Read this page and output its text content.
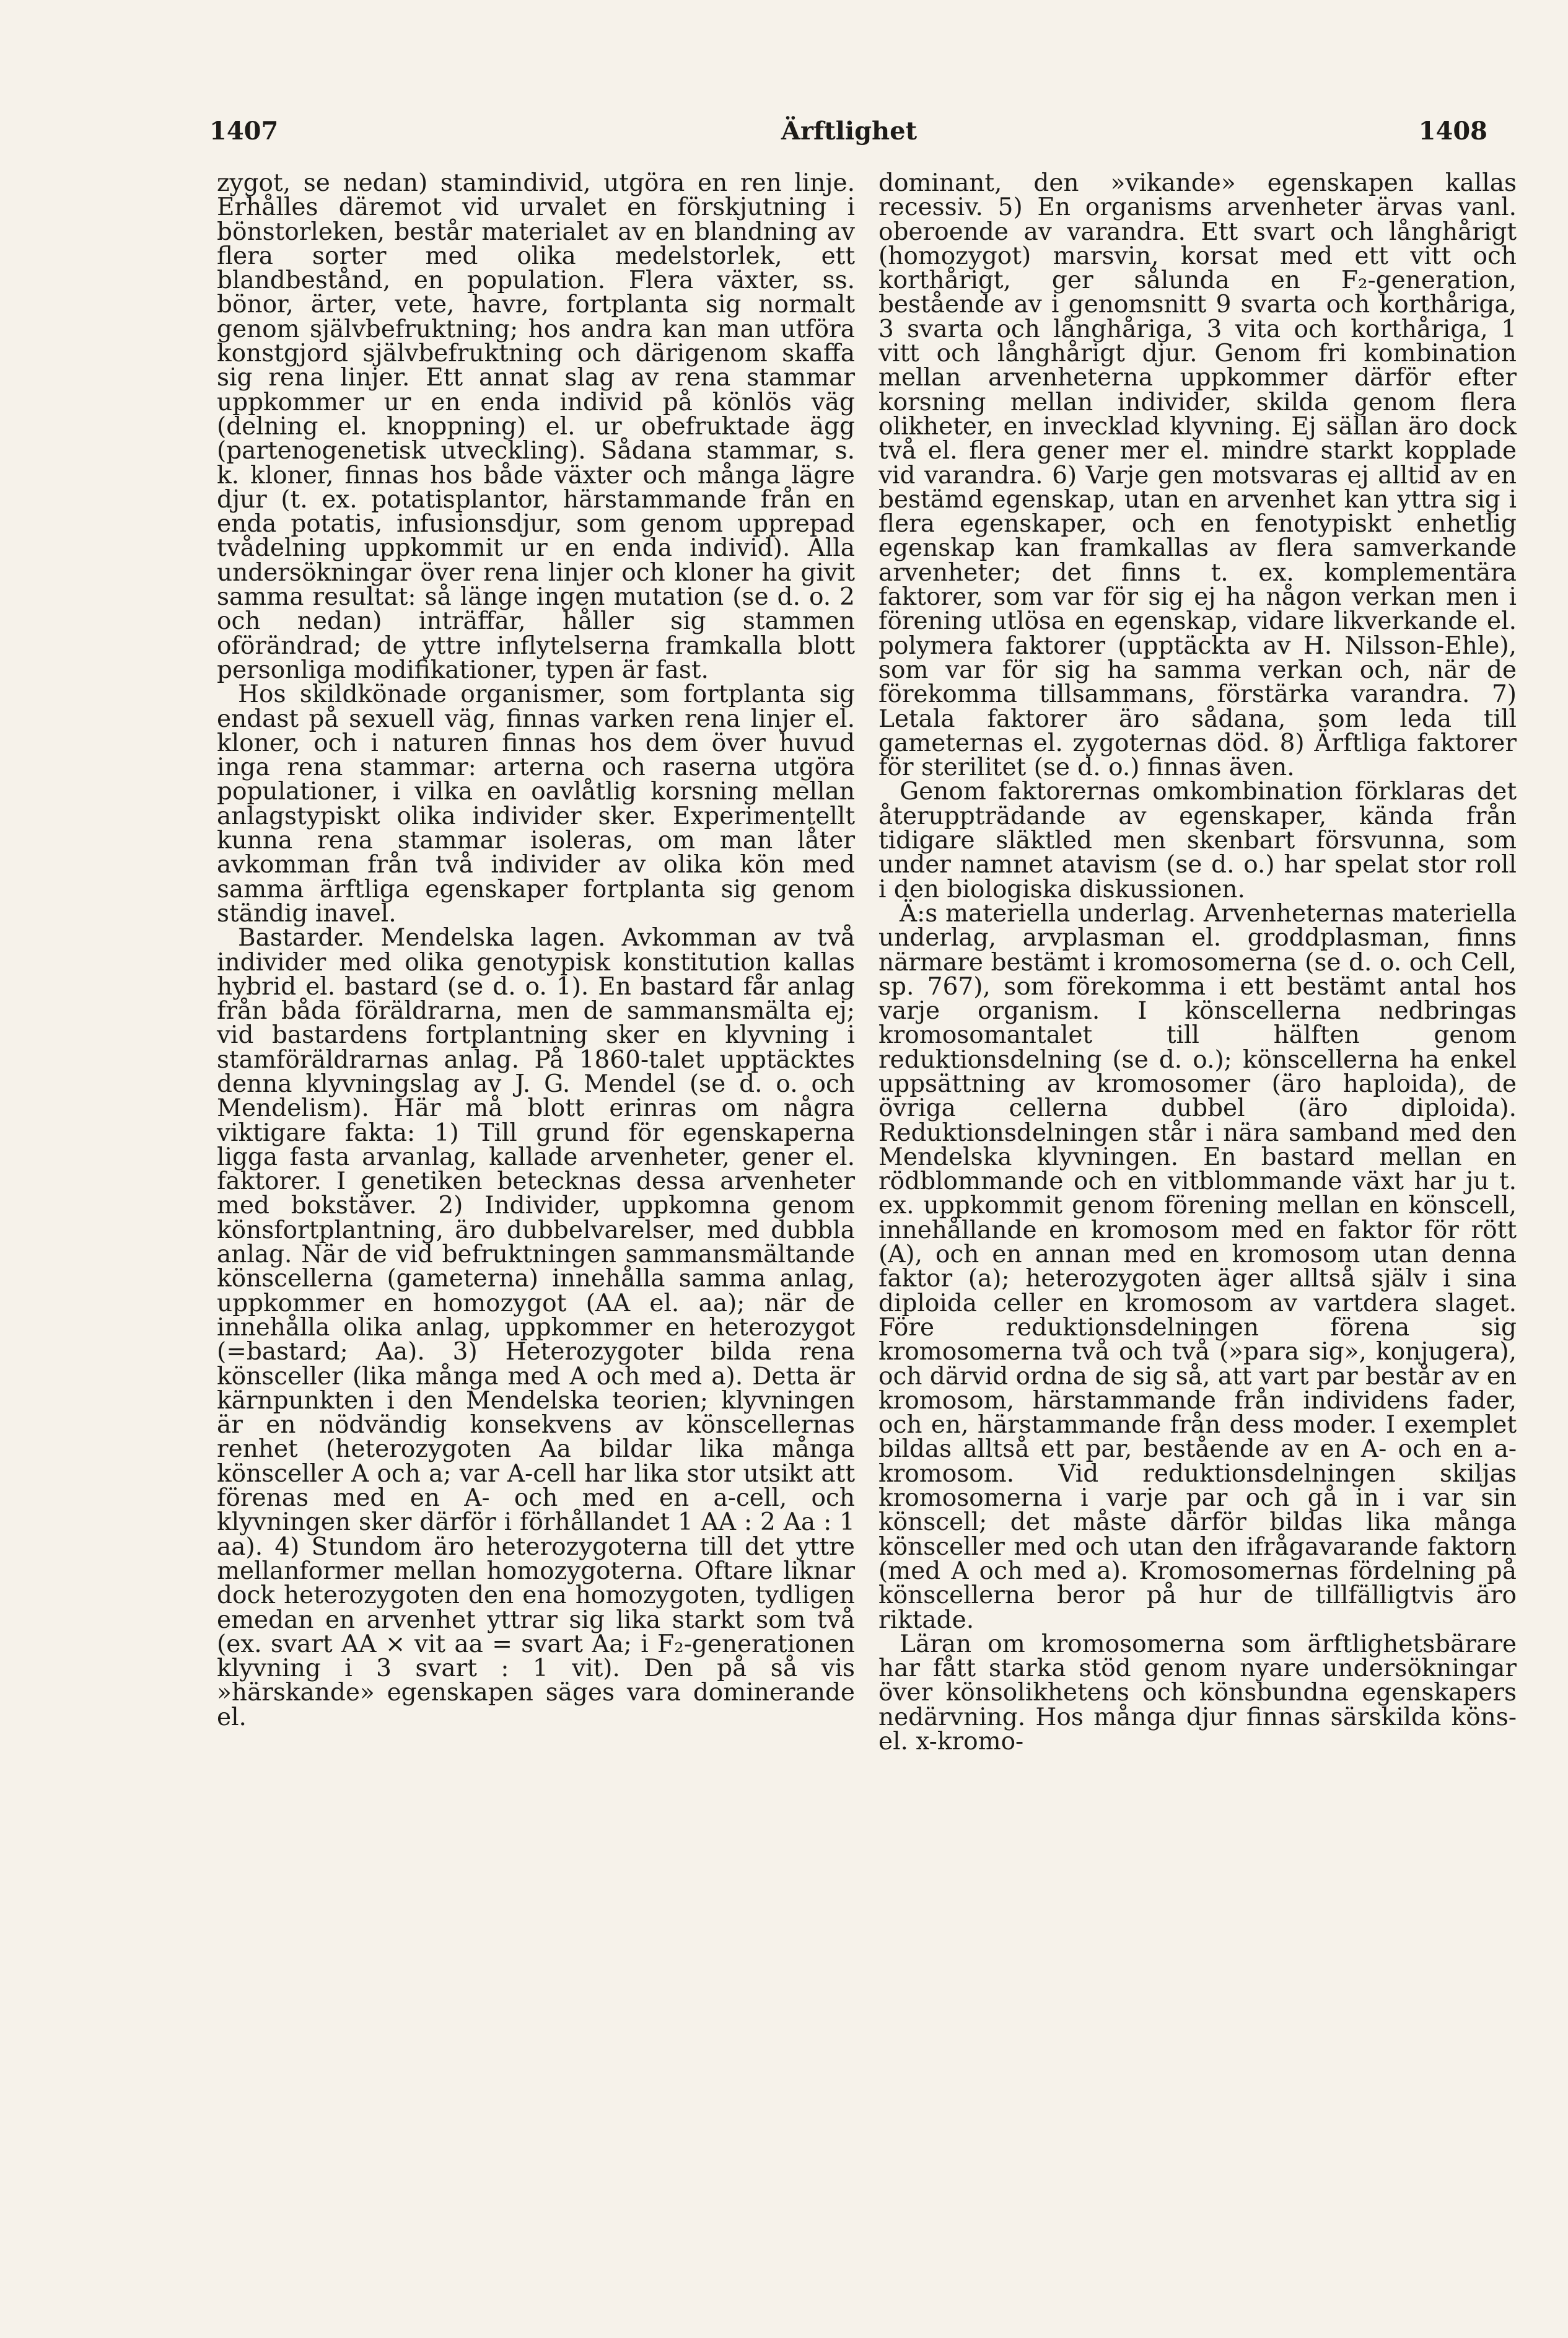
1407	Ärftlighet	1408

zygot, se nedan) stamindivid, utgöra en ren linje. Erhålles däremot vid urvalet en förskjutning i bönstorleken, består materialet av en blandning av flera sorter med olika medelstorlek, ett blandbestånd, en population. Flera växter, ss. bönor, ärter, vete, havre, fortplanta sig normalt genom självbefruktning; hos andra kan man utföra konstgjord självbefruktning och därigenom skaffa sig rena linjer. Ett annat slag av rena stammar uppkommer ur en enda individ på könlös väg (delning el. knoppning) el. ur obefruktade ägg (partenogenetisk utveckling). Sådana stammar, s. k. kloner, finnas hos både växter och många lägre djur (t. ex. potatisplantor, härstammande från en enda potatis, infusionsdjur, som genom upprepad tvådelning uppkommit ur en enda individ). Alla undersökningar över rena linjer och kloner ha givit samma resultat: så länge ingen mutation (se d. o. 2 och nedan) inträffar, håller sig stammen oförändrad; de yttre inflytelserna framkalla blott personliga modifikationer, typen är fast.

Hos skildkönade organismer, som fortplanta sig endast på sexuell väg, finnas varken rena linjer el. kloner, och i naturen finnas hos dem över huvud inga rena stammar: arterna och raserna utgöra populationer, i vilka en oavlåtlig korsning mellan anlagstypiskt olika individer sker. Experimentellt kunna rena stammar isoleras, om man låter avkomman från två individer av olika kön med samma ärftliga egenskaper fortplanta sig genom ständig inavel.

Bastarder. Mendelska lagen. Avkomman av två individer med olika genotypisk konstitution kallas hybrid el. bastard (se d. o. 1). En bastard får anlag från båda föräldrarna, men de sammansmälta ej; vid bastardens fortplantning sker en klyvning i stamföräldrarnas anlag. På 1860-talet upptäcktes denna klyvningslag av J. G. Mendel (se d. o. och Mendelism). Här må blott erinras om några viktigare fakta: 1) Till grund för egenskaperna ligga fasta arvanlag, kallade arvenheter, gener el. faktorer. I genetiken betecknas dessa arvenheter med bokstäver. 2) Individer, uppkomna genom könsfortplantning, äro dubbelvarelser, med dubbla anlag. När de vid befruktningen sammansmältande könscellerna (gameterna) innehålla samma anlag, uppkommer en homozygot (AA el. aa); när de innehålla olika anlag, uppkommer en heterozygot (=bastard; Aa). 3) Heterozygoter bilda rena könsceller (lika många med A och med a). Detta är kärnpunkten i den Mendelska teorien; klyvningen är en nödvändig konsekvens av könscellernas renhet (heterozygoten Aa bildar lika många könsceller A och a; var A-cell har lika stor utsikt att förenas med en A- och med en a-cell, och klyvningen sker därför i förhållandet 1 AA : 2 Aa : 1 aa). 4) Stundom äro heterozygoterna till det yttre mellanformer mellan homozygoterna. Oftare liknar dock heterozygoten den ena homozygoten, tydligen emedan en arvenhet yttrar sig lika starkt som två (ex. svart AA × vit aa = svart Aa; i F₂-generationen klyvning i 3 svart : 1 vit). Den på så vis »härskande» egenskapen säges vara dominerande el.

dominant, den »vikande» egenskapen kallas recessiv. 5) En organisms arvenheter ärvas vanl. oberoende av varandra. Ett svart och långhårigt (homozygot) marsvin, korsat med ett vitt och korthårigt, ger sålunda en F₂-generation, bestående av i genomsnitt 9 svarta och korthåriga, 3 svarta och långhåriga, 3 vita och korthåriga, 1 vitt och långhårigt djur. Genom fri kombination mellan arvenheterna uppkommer därför efter korsning mellan individer, skilda genom flera olikheter, en invecklad klyvning. Ej sällan äro dock två el. flera gener mer el. mindre starkt kopplade vid varandra. 6) Varje gen motsvaras ej alltid av en bestämd egenskap, utan en arvenhet kan yttra sig i flera egenskaper, och en fenotypiskt enhetlig egenskap kan framkallas av flera samverkande arvenheter; det finns t. ex. komplementära faktorer, som var för sig ej ha någon verkan men i förening utlösa en egenskap, vidare likverkande el. polymera faktorer (upptäckta av H. Nilsson-Ehle), som var för sig ha samma verkan och, när de förekomma tillsammans, förstärka varandra. 7) Letala faktorer äro sådana, som leda till gameternas el. zygoternas död. 8) Ärftliga faktorer för sterilitet (se d. o.) finnas även.

Genom faktorernas omkombination förklaras det återuppträdande av egenskaper, kända från tidigare släktled men skenbart försvunna, som under namnet atavism (se d. o.) har spelat stor roll i den biologiska diskussionen.

Ä:s materiella underlag. Arvenheternas materiella underlag, arvplasman el. groddplasman, finns närmare bestämt i kromosomerna (se d. o. och Cell, sp. 767), som förekomma i ett bestämt antal hos varje organism. I könscellerna nedbringas kromosomantalet till hälften genom reduktionsdelning (se d. o.); könscellerna ha enkel uppsättning av kromosomer (äro haploida), de övriga cellerna dubbel (äro diploida). Reduktionsdelningen står i nära samband med den Mendelska klyvningen. En bastard mellan en rödblommande och en vitblommande växt har ju t. ex. uppkommit genom förening mellan en könscell, innehållande en kromosom med en faktor för rött (A), och en annan med en kromosom utan denna faktor (a); heterozygoten äger alltså själv i sina diploida celler en kromosom av vartdera slaget. Före reduktionsdelningen förena sig kromosomerna två och två (»para sig», konjugera), och därvid ordna de sig så, att vart par består av en kromosom, härstammande från individens fader, och en, härstammande från dess moder. I exemplet bildas alltså ett par, bestående av en A- och en a-kromosom. Vid reduktionsdelningen skiljas kromosomerna i varje par och gå in i var sin könscell; det måste därför bildas lika många könsceller med och utan den ifrågavarande faktorn (med A och med a). Kromosomernas fördelning på könscellerna beror på hur de tillfälligtvis äro riktade.

Läran om kromosomerna som ärftlighetsbärare har fått starka stöd genom nyare undersökningar över könsolikhetens och könsbundna egenskapers nedärvning. Hos många djur finnas särskilda köns- el. x-kromo-
